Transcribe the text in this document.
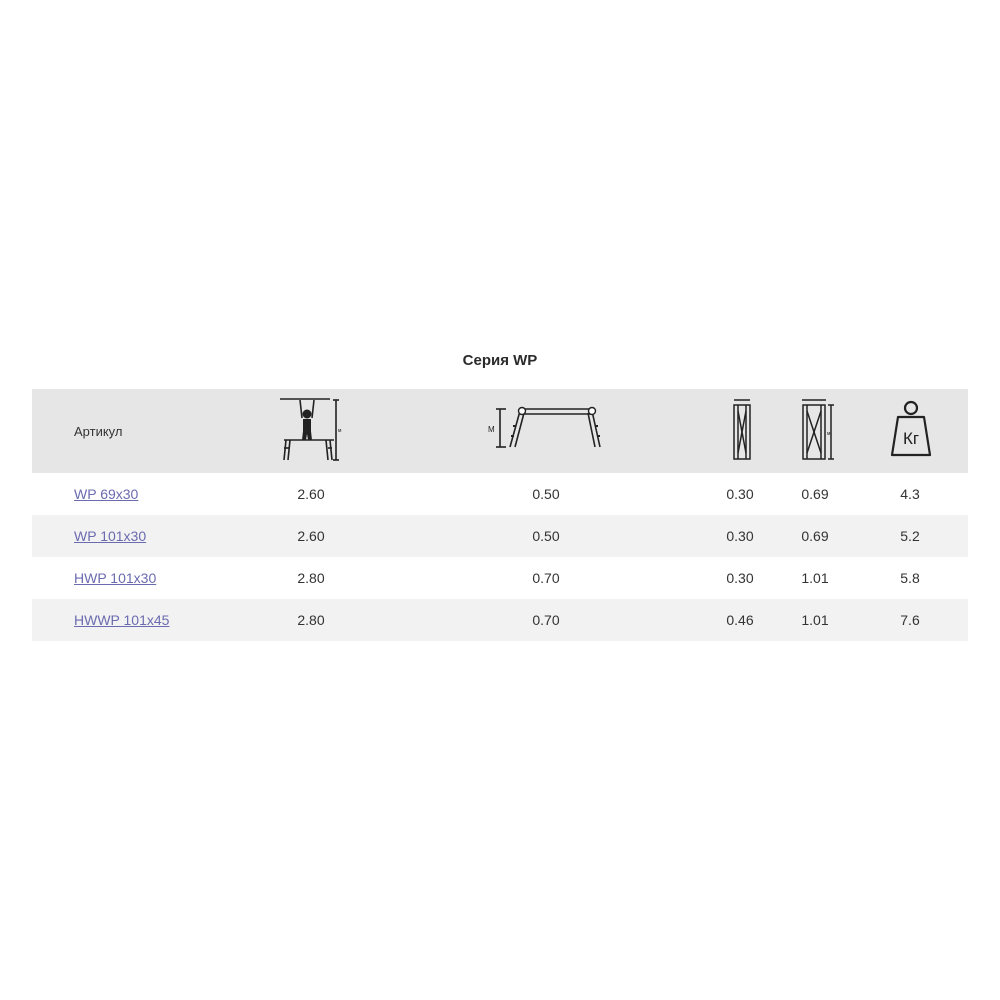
Серия WP
Артикул	м	М	м	Кг
WP 69x30	2.60	0.50	0.30	0.69	4.3
WP 101x30	2.60	0.50	0.30	0.69	5.2
HWP 101x30	2.80	0.70	0.30	1.01	5.8
HWWP 101x45	2.80	0.70	0.46	1.01	7.6
